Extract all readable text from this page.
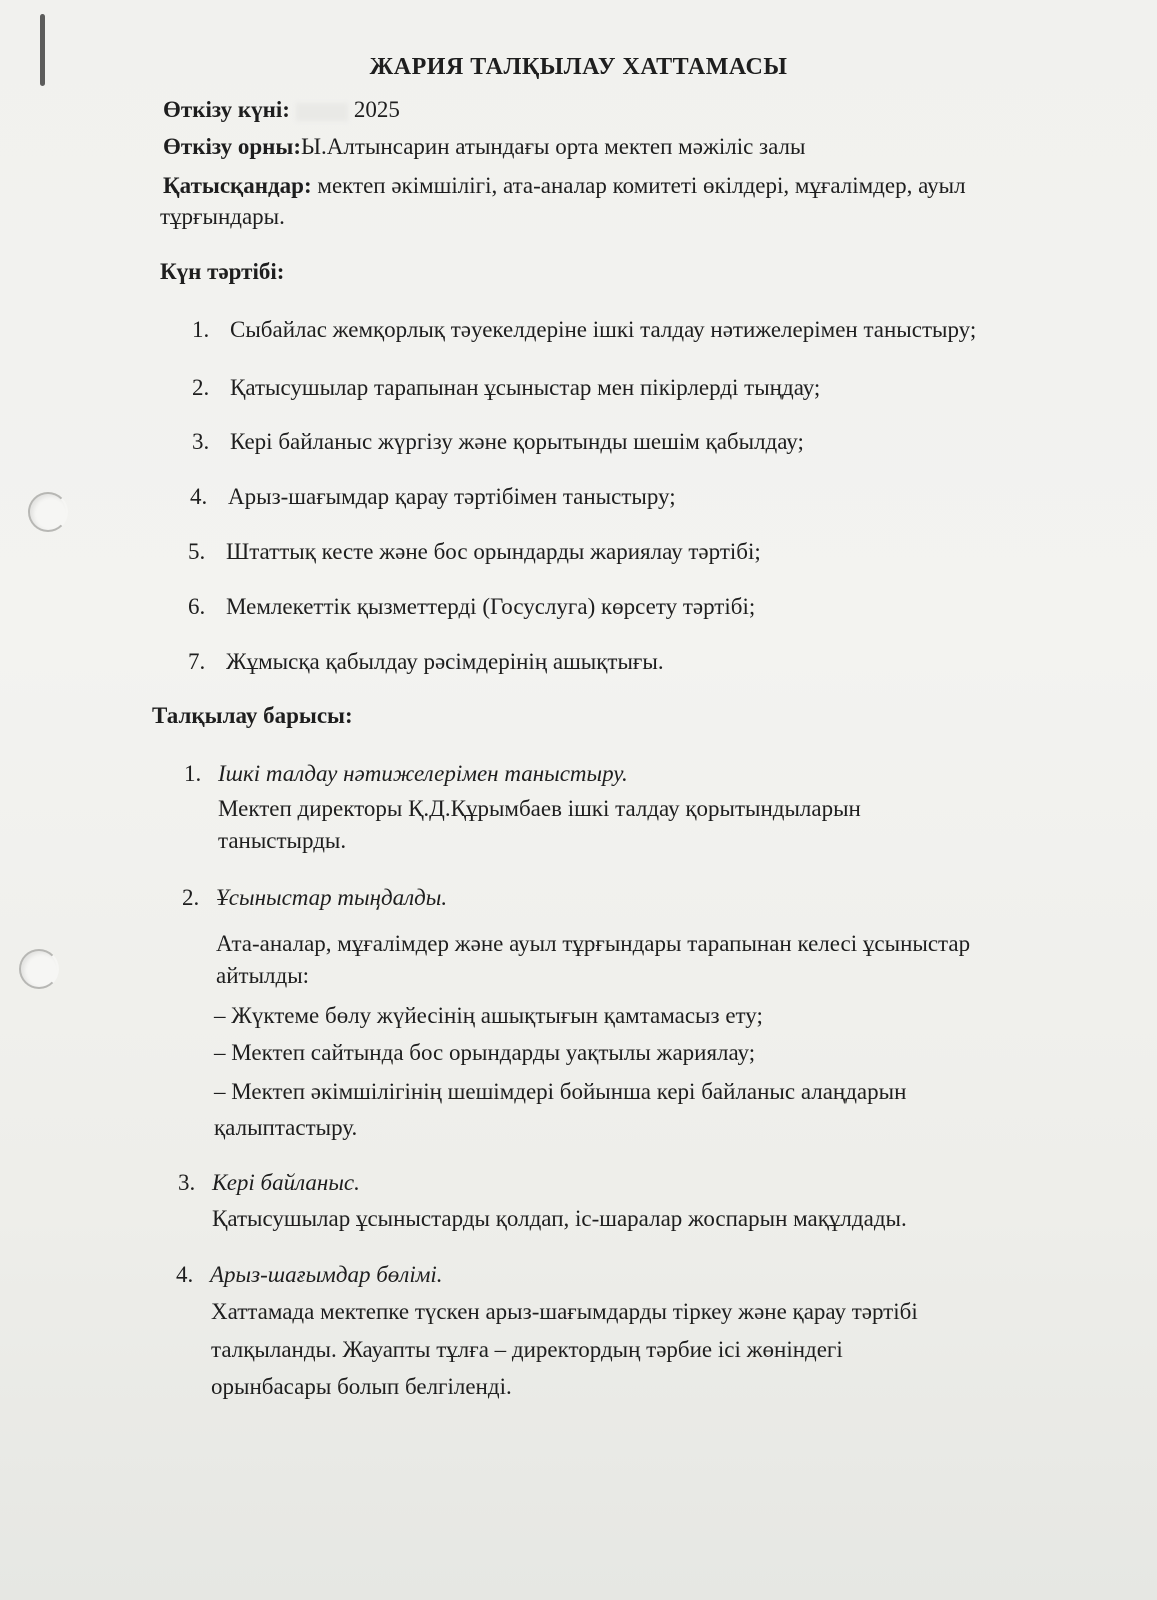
ЖАРИЯ ТАЛҚЫЛАУ ХАТТАМАСЫ
Өткізу күні:	2025
Өткізу орны:Ы.Алтынсарин атындағы орта мектеп мәжіліс залы
Қатысқандар: мектеп әкімшілігі, ата-аналар комитеті өкілдері, мұғалімдер, ауыл
тұрғындары.
Күн тәртібі:
1. Сыбайлас жемқорлық тәуекелдеріне ішкі талдау нәтижелерімен таныстыру;
2. Қатысушылар тарапынан ұсыныстар мен пікірлерді тыңдау;
3. Кері байланыс жүргізу және қорытынды шешім қабылдау;
4. Арыз-шағымдар қарау тәртібімен таныстыру;
5. Штаттық кесте және бос орындарды жариялау тәртібі;
6. Мемлекеттік қызметтерді (Госуслуга) көрсету тәртібі;
7. Жұмысқа қабылдау рәсімдерінің ашықтығы.
Талқылау барысы:
1. Ішкі талдау нәтижелерімен таныстыру.
Мектеп директоры Қ.Д.Құрымбаев ішкі талдау қорытындыларын
таныстырды.
2. Ұсыныстар тыңдалды.
Ата-аналар, мұғалімдер және ауыл тұрғындары тарапынан келесі ұсыныстар
айтылды:
– Жүктеме бөлу жүйесінің ашықтығын қамтамасыз ету;
– Мектеп сайтында бос орындарды уақтылы жариялау;
– Мектеп әкімшілігінің шешімдері бойынша кері байланыс алаңдарын
қалыптастыру.
3. Кері байланыс.
Қатысушылар ұсыныстарды қолдап, іс-шаралар жоспарын мақұлдады.
4. Арыз-шағымдар бөлімі.
Хаттамада мектепке түскен арыз-шағымдарды тіркеу және қарау тәртібі
талқыланды. Жауапты тұлға – директордың тәрбие ісі жөніндегі
орынбасары болып белгіленді.
